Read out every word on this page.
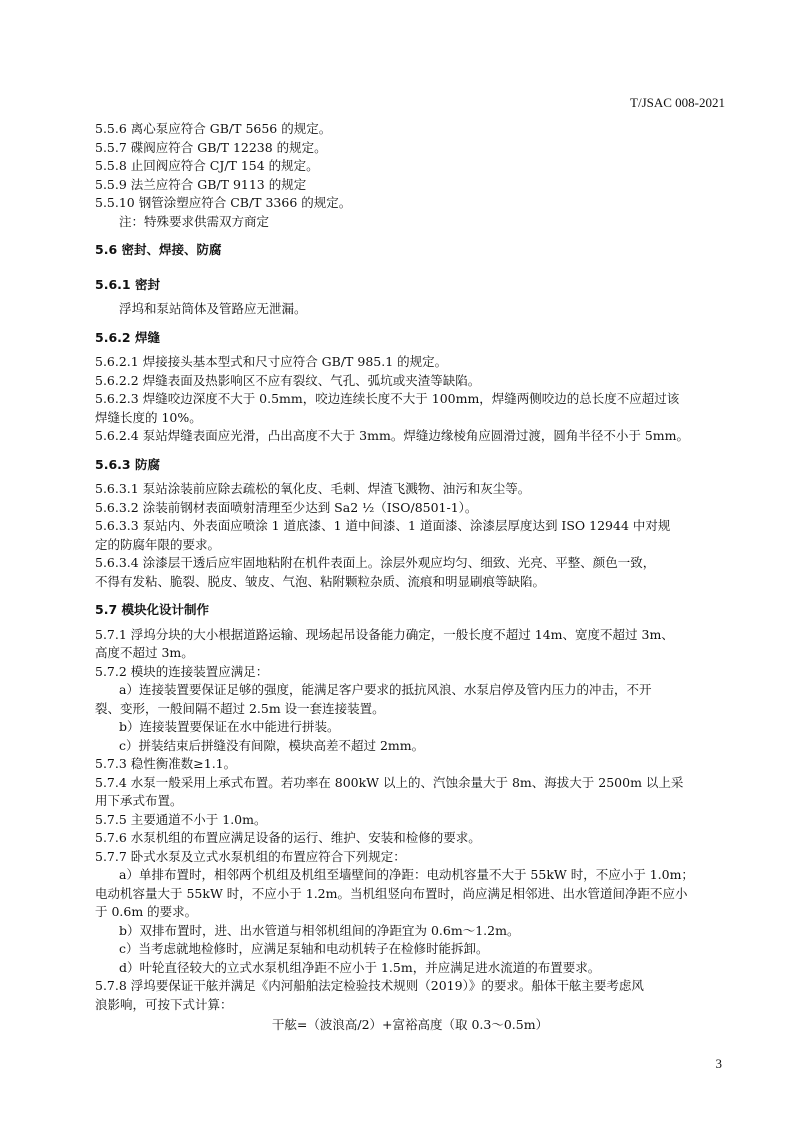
T/JSAC 008-2021
5.5.6 离心泵应符合 GB/T 5656 的规定。
5.5.7 碟阀应符合 GB/T 12238 的规定。
5.5.8 止回阀应符合 CJ/T 154 的规定。
5.5.9 法兰应符合 GB/T 9113 的规定
5.5.10 钢管涂塑应符合 CB/T 3366 的规定。
注：特殊要求供需双方商定
5.6 密封、焊接、防腐
5.6.1 密封
浮坞和泵站筒体及管路应无泄漏。
5.6.2 焊缝
5.6.2.1 焊接接头基本型式和尺寸应符合 GB/T 985.1 的规定。
5.6.2.2 焊缝表面及热影响区不应有裂纹、气孔、弧坑或夹渣等缺陷。
5.6.2.3 焊缝咬边深度不大于 0.5mm，咬边连续长度不大于 100mm，焊缝两侧咬边的总长度不应超过该
焊缝长度的 10%。
5.6.2.4 泵站焊缝表面应光滑，凸出高度不大于 3mm。焊缝边缘棱角应圆滑过渡，圆角半径不小于 5mm。
5.6.3 防腐
5.6.3.1 泵站涂装前应除去疏松的氧化皮、毛刺、焊渣飞溅物、油污和灰尘等。
5.6.3.2 涂装前钢材表面喷射清理至少达到 Sa2 ½（ISO/8501-1）。
5.6.3.3 泵站内、外表面应喷涂 1 道底漆、1 道中间漆、1 道面漆、涂漆层厚度达到 ISO 12944 中对规
定的防腐年限的要求。
5.6.3.4 涂漆层干透后应牢固地粘附在机件表面上。涂层外观应均匀、细致、光亮、平整、颜色一致，
不得有发粘、脆裂、脱皮、皱皮、气泡、粘附颗粒杂质、流痕和明显刷痕等缺陷。
5.7 模块化设计制作
5.7.1 浮坞分块的大小根据道路运输、现场起吊设备能力确定，一般长度不超过 14m、宽度不超过 3m、
高度不超过 3m。
5.7.2 模块的连接装置应满足：
a）连接装置要保证足够的强度，能满足客户要求的抵抗风浪、水泵启停及管内压力的冲击，不开
裂、变形，一般间隔不超过 2.5m 设一套连接装置。
b）连接装置要保证在水中能进行拼装。
c）拼装结束后拼缝没有间隙，模块高差不超过 2mm。
5.7.3 稳性衡准数≥1.1。
5.7.4 水泵一般采用上承式布置。若功率在 800kW 以上的、汽蚀余量大于 8m、海拔大于 2500m 以上采
用下承式布置。
5.7.5 主要通道不小于 1.0m。
5.7.6 水泵机组的布置应满足设备的运行、维护、安装和检修的要求。
5.7.7 卧式水泵及立式水泵机组的布置应符合下列规定：
a）单排布置时，相邻两个机组及机组至墙壁间的净距：电动机容量不大于 55kW 时，不应小于 1.0m；
电动机容量大于 55kW 时，不应小于 1.2m。当机组竖向布置时，尚应满足相邻进、出水管道间净距不应小
于 0.6m 的要求。
b）双排布置时，进、出水管道与相邻机组间的净距宜为 0.6m～1.2m。
c）当考虑就地检修时，应满足泵轴和电动机转子在检修时能拆卸。
d）叶轮直径较大的立式水泵机组净距不应小于 1.5m，并应满足进水流道的布置要求。
5.7.8 浮坞要保证干舷并满足《内河船舶法定检验技术规则（2019）》的要求。船体干舷主要考虑风
浪影响，可按下式计算：
干舷=（波浪高/2）+富裕高度（取 0.3～0.5m）
3
